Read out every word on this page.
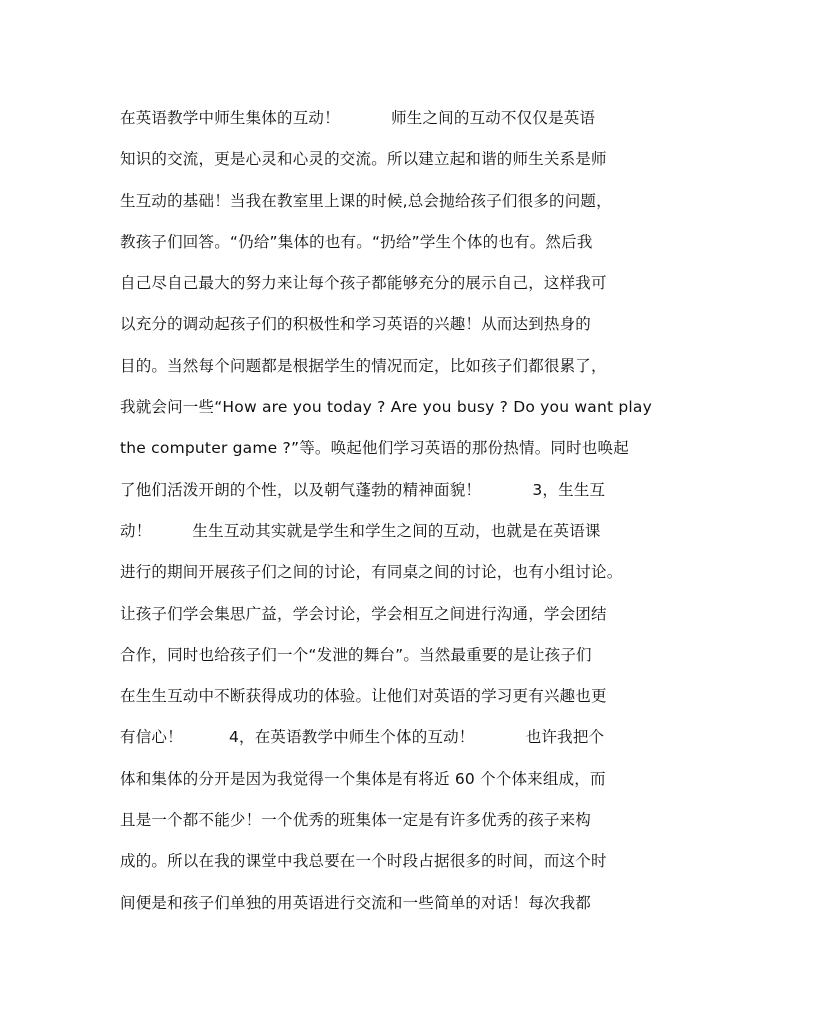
在英语教学中师生集体的互动！          师生之间的互动不仅仅是英语
知识的交流，更是心灵和心灵的交流。所以建立起和谐的师生关系是师
生互动的基础！当我在教室里上课的时候,总会抛给孩子们很多的问题，
教孩子们回答。“仍给”集体的也有。“扔给”学生个体的也有。然后我
自己尽自己最大的努力来让每个孩子都能够充分的展示自己，这样我可
以充分的调动起孩子们的积极性和学习英语的兴趣！从而达到热身的
目的。当然每个问题都是根据学生的情况而定，比如孩子们都很累了，
我就会问一些“How are you today ? Are you busy ? Do you want play
the computer game ?”等。唤起他们学习英语的那份热情。同时也唤起
了他们活泼开朗的个性，以及朝气蓬勃的精神面貌！          3，生生互
动！        生生互动其实就是学生和学生之间的互动，也就是在英语课
进行的期间开展孩子们之间的讨论，有同桌之间的讨论，也有小组讨论。
让孩子们学会集思广益，学会讨论，学会相互之间进行沟通，学会团结
合作，同时也给孩子们一个“发泄的舞台”。当然最重要的是让孩子们
在生生互动中不断获得成功的体验。让他们对英语的学习更有兴趣也更
有信心！         4，在英语教学中师生个体的互动！          也许我把个
体和集体的分开是因为我觉得一个集体是有将近 60 个个体来组成，而
且是一个都不能少！一个优秀的班集体一定是有许多优秀的孩子来构
成的。所以在我的课堂中我总要在一个时段占据很多的时间，而这个时
间便是和孩子们单独的用英语进行交流和一些简单的对话！每次我都
